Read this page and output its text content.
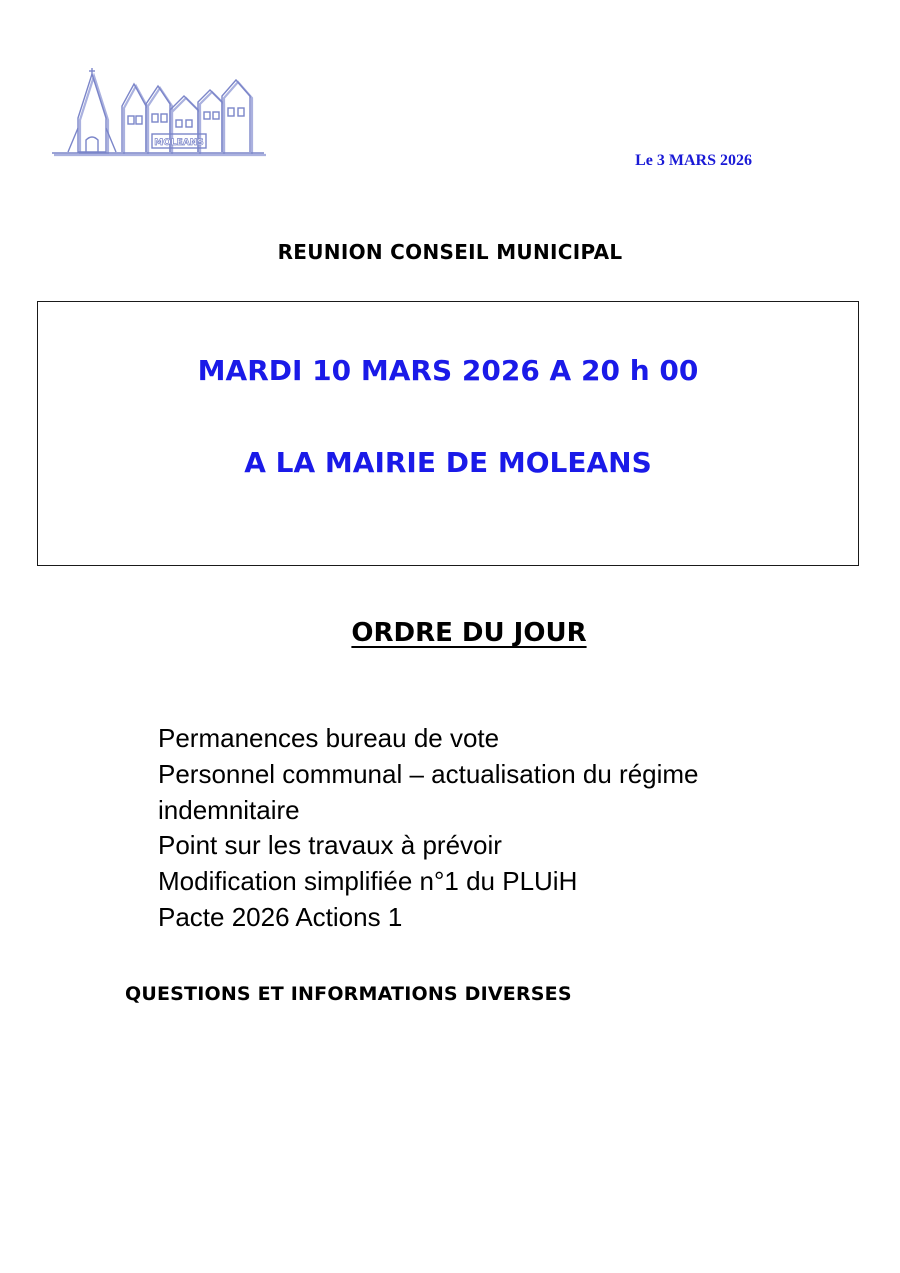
MOLEANS
Le 3 MARS 2026
REUNION CONSEIL MUNICIPAL
MARDI 10 MARS 2026 A 20 h 00
A LA MAIRIE DE MOLEANS
ORDRE DU JOUR
Permanences bureau de vote
Personnel communal – actualisation du régime
indemnitaire
Point sur les travaux à prévoir
Modification simplifiée n°1 du PLUiH
Pacte 2026 Actions 1
QUESTIONS ET INFORMATIONS DIVERSES
